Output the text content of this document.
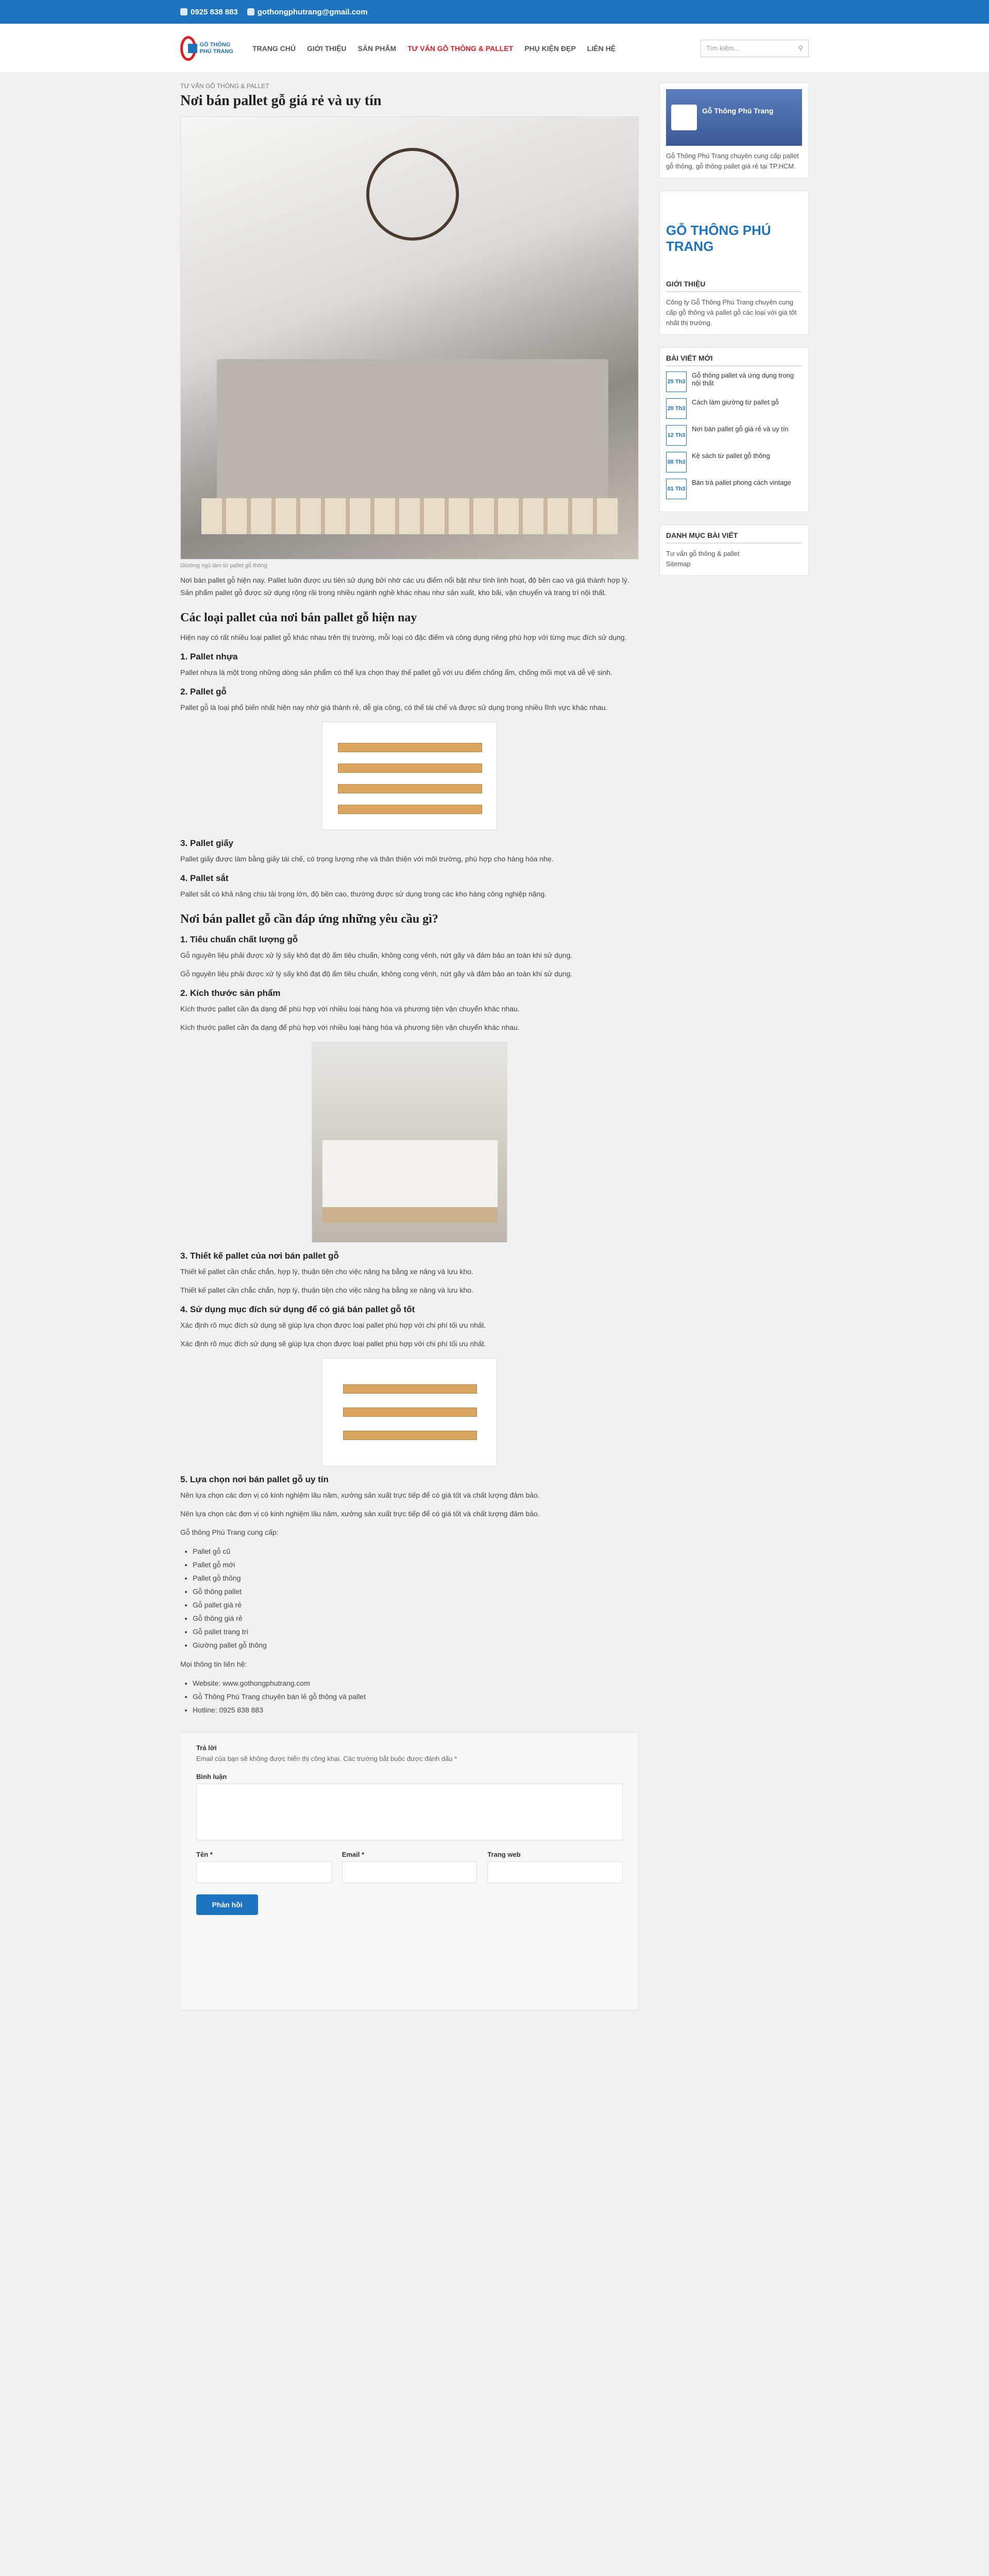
0925 838 883	gothongphutrang@gmail.com
GỖ THÔNG PHÚ TRANG	TRANG CHỦ GIỚI THIỆU SẢN PHẨM TƯ VẤN GỖ THÔNG & PALLET PHỤ KIỆN ĐẸP LIÊN HỆ	Tìm kiếm...	⚲
TƯ VẤN GỖ THÔNG & PALLET
Nơi bán pallet gỗ giá rẻ và uy tín
Giường ngủ làm từ pallet gỗ thông

Nơi bán pallet gỗ hiện nay. Pallet luôn được ưu tiên sử dụng bởi nhờ các ưu điểm nổi bật như tính linh hoạt, độ bền cao và giá thành hợp lý. Sản phẩm pallet gỗ được sử dụng rộng rãi trong nhiều ngành nghề khác nhau như sản xuất, kho bãi, vận chuyển và trang trí nội thất.

Các loại pallet của nơi bán pallet gỗ hiện nay

Hiện nay có rất nhiều loại pallet gỗ khác nhau trên thị trường, mỗi loại có đặc điểm và công dụng riêng phù hợp với từng mục đích sử dụng.

1. Pallet nhựa

Pallet nhựa là một trong những dòng sản phẩm có thể lựa chọn thay thế pallet gỗ với ưu điểm chống ẩm, chống mối mọt và dễ vệ sinh.

2. Pallet gỗ

Pallet gỗ là loại phổ biến nhất hiện nay nhờ giá thành rẻ, dễ gia công, có thể tái chế và được sử dụng trong nhiều lĩnh vực khác nhau.

3. Pallet giấy

Pallet giấy được làm bằng giấy tái chế, có trọng lượng nhẹ và thân thiện với môi trường, phù hợp cho hàng hóa nhẹ.

4. Pallet sắt

Pallet sắt có khả năng chịu tải trọng lớn, độ bền cao, thường được sử dụng trong các kho hàng công nghiệp nặng.

Nơi bán pallet gỗ cần đáp ứng những yêu cầu gì?
1. Tiêu chuẩn chất lượng gỗ

Gỗ nguyên liệu phải được xử lý sấy khô đạt độ ẩm tiêu chuẩn, không cong vênh, nứt gãy và đảm bảo an toàn khi sử dụng.

Gỗ nguyên liệu phải được xử lý sấy khô đạt độ ẩm tiêu chuẩn, không cong vênh, nứt gãy và đảm bảo an toàn khi sử dụng.

2. Kích thước sản phẩm

Kích thước pallet cần đa dạng để phù hợp với nhiều loại hàng hóa và phương tiện vận chuyển khác nhau.

Kích thước pallet cần đa dạng để phù hợp với nhiều loại hàng hóa và phương tiện vận chuyển khác nhau.

3. Thiết kế pallet của nơi bán pallet gỗ

Thiết kế pallet cần chắc chắn, hợp lý, thuận tiện cho việc nâng hạ bằng xe nâng và lưu kho.

Thiết kế pallet cần chắc chắn, hợp lý, thuận tiện cho việc nâng hạ bằng xe nâng và lưu kho.

4. Sử dụng mục đích sử dụng để có giá bán pallet gỗ tốt

Xác định rõ mục đích sử dụng sẽ giúp lựa chọn được loại pallet phù hợp với chi phí tối ưu nhất.

Xác định rõ mục đích sử dụng sẽ giúp lựa chọn được loại pallet phù hợp với chi phí tối ưu nhất.

5. Lựa chọn nơi bán pallet gỗ uy tín

Nên lựa chọn các đơn vị có kinh nghiệm lâu năm, xưởng sản xuất trực tiếp để có giá tốt và chất lượng đảm bảo.

Nên lựa chọn các đơn vị có kinh nghiệm lâu năm, xưởng sản xuất trực tiếp để có giá tốt và chất lượng đảm bảo.

Gỗ thông Phú Trang cung cấp:

• Pallet gỗ cũ
• Pallet gỗ mới
• Pallet gỗ thông
• Gỗ thông pallet
• Gỗ pallet giá rẻ
• Gỗ thông giá rẻ
• Gỗ pallet trang trí
• Giường pallet gỗ thông

Mọi thông tin liên hệ:

• Website: www.gothongphutrang.com
• Gỗ Thông Phú Trang chuyên bán lẻ gỗ thông và pallet
• Hotline: 0925 838 883
Trả lời
Email của bạn sẽ không được hiển thị công khai. Các trường bắt buộc được đánh dấu *
Bình luận
Tên *	Email *	Trang web
Phản hồi
Gỗ Thông Phú Trang
Gỗ Thông Phú Trang chuyên cung cấp pallet gỗ thông, gỗ thông pallet giá rẻ tại TP.HCM.
GỖ THÔNG PHÚ TRANG
GIỚI THIỆU
Công ty Gỗ Thông Phú Trang chuyên cung cấp gỗ thông và pallet gỗ các loại với giá tốt nhất thị trường.
BÀI VIẾT MỚI
25 Th3
Gỗ thông pallet và ứng dụng trong nội thất
20 Th3
Cách làm giường từ pallet gỗ
12 Th3
Nơi bán pallet gỗ giá rẻ và uy tín
08 Th3
Kệ sách từ pallet gỗ thông
01 Th3
Bàn trà pallet phong cách vintage
DANH MỤC BÀI VIẾT
Tư vấn gỗ thông & pallet
Sitemap
